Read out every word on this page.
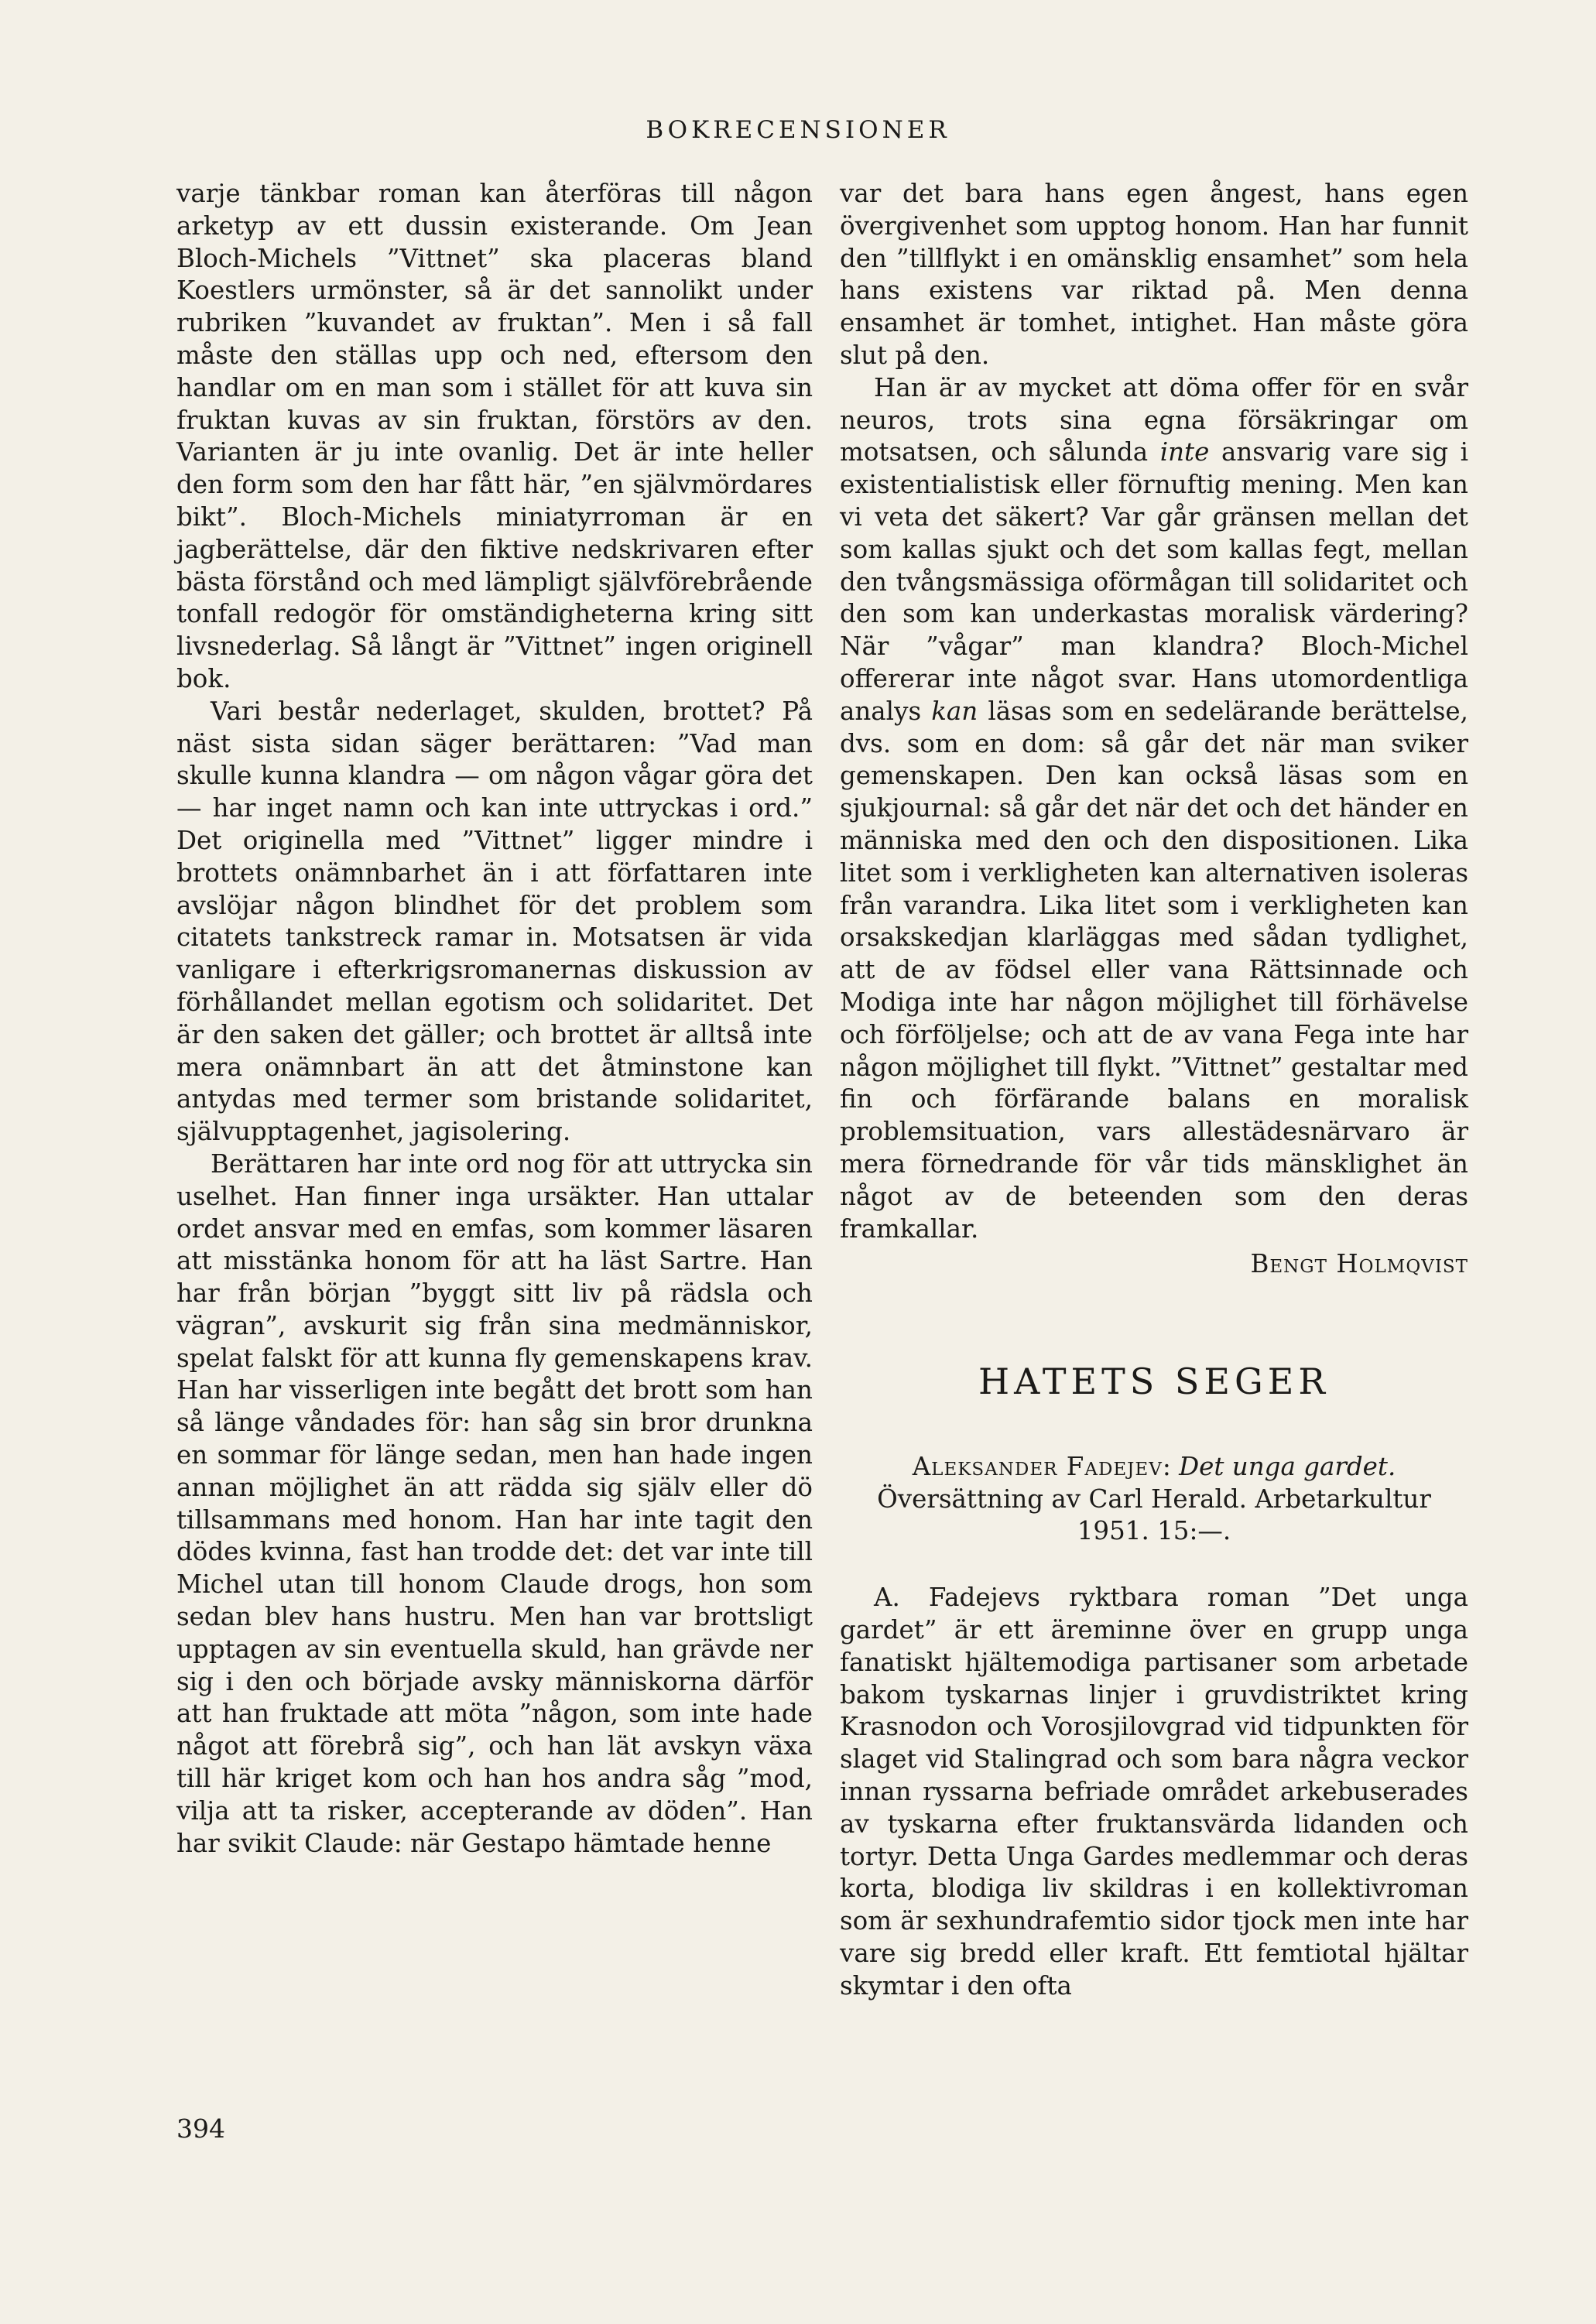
BOKRECENSIONER

varje tänkbar roman kan återföras till någon arketyp av ett dussin existerande. Om Jean Bloch-Michels ”Vittnet” ska placeras bland Koestlers urmönster, så är det sannolikt under rubriken ”kuvandet av fruktan”. Men i så fall måste den ställas upp och ned, eftersom den handlar om en man som i stället för att kuva sin fruktan kuvas av sin fruktan, förstörs av den. Varianten är ju inte ovanlig. Det är inte heller den form som den har fått här, ”en självmördares bikt”. Bloch-Michels miniatyrroman är en jagberättelse, där den fiktive nedskrivaren efter bästa förstånd och med lämpligt självförebrående tonfall redogör för omständigheterna kring sitt livsnederlag. Så långt är ”Vittnet” ingen originell bok.

Vari består nederlaget, skulden, brottet? På näst sista sidan säger berättaren: ”Vad man skulle kunna klandra — om någon vågar göra det — har inget namn och kan inte uttryckas i ord.” Det originella med ”Vittnet” ligger mindre i brottets onämnbarhet än i att författaren inte avslöjar någon blindhet för det problem som citatets tankstreck ramar in. Motsatsen är vida vanligare i efterkrigsromanernas diskussion av förhållandet mellan egotism och solidaritet. Det är den saken det gäller; och brottet är alltså inte mera onämnbart än att det åtminstone kan antydas med termer som bristande solidaritet, självupptagenhet, jagisolering.

Berättaren har inte ord nog för att uttrycka sin uselhet. Han finner inga ursäkter. Han uttalar ordet ansvar med en emfas, som kommer läsaren att misstänka honom för att ha läst Sartre. Han har från början ”byggt sitt liv på rädsla och vägran”, avskurit sig från sina medmänniskor, spelat falskt för att kunna fly gemenskapens krav. Han har visserligen inte begått det brott som han så länge våndades för: han såg sin bror drunkna en sommar för länge sedan, men han hade ingen annan möjlighet än att rädda sig själv eller dö tillsammans med honom. Han har inte tagit den dödes kvinna, fast han trodde det: det var inte till Michel utan till honom Claude drogs, hon som sedan blev hans hustru. Men han var brottsligt upptagen av sin eventuella skuld, han grävde ner sig i den och började avsky människorna därför att han fruktade att möta ”någon, som inte hade något att förebrå sig”, och han lät avskyn växa till här kriget kom och han hos andra såg ”mod, vilja att ta risker, accepterande av döden”. Han har svikit Claude: när Gestapo hämtade henne

var det bara hans egen ångest, hans egen övergivenhet som upptog honom. Han har funnit den ”tillflykt i en omänsklig ensamhet” som hela hans existens var riktad på. Men denna ensamhet är tomhet, intighet. Han måste göra slut på den.

Han är av mycket att döma offer för en svår neuros, trots sina egna försäkringar om motsatsen, och sålunda inte ansvarig vare sig i existentialistisk eller förnuftig mening. Men kan vi veta det säkert? Var går gränsen mellan det som kallas sjukt och det som kallas fegt, mellan den tvångsmässiga oförmågan till solidaritet och den som kan underkastas moralisk värdering? När ”vågar” man klandra? Bloch-Michel offererar inte något svar. Hans utomordentliga analys kan läsas som en sedelärande berättelse, dvs. som en dom: så går det när man sviker gemenskapen. Den kan också läsas som en sjukjournal: så går det när det och det händer en människa med den och den dispositionen. Lika litet som i verkligheten kan alternativen isoleras från varandra. Lika litet som i verkligheten kan orsakskedjan klarläggas med sådan tydlighet, att de av födsel eller vana Rättsinnade och Modiga inte har någon möjlighet till förhävelse och förföljelse; och att de av vana Fega inte har någon möjlighet till flykt. ”Vittnet” gestaltar med fin och förfärande balans en moralisk problemsituation, vars allestädesnärvaro är mera förnedrande för vår tids mänsklighet än något av de beteenden som den deras framkallar.

Bengt Holmqvist

HATETS SEGER

Aleksander Fadejev: Det unga gardet. Översättning av Carl Herald. Arbetarkultur 1951. 15:—.

A. Fadejevs ryktbara roman ”Det unga gardet” är ett äreminne över en grupp unga fanatiskt hjältemodiga partisaner som arbetade bakom tyskarnas linjer i gruvdistriktet kring Krasnodon och Vorosjilovgrad vid tidpunkten för slaget vid Stalingrad och som bara några veckor innan ryssarna befriade området arkebuserades av tyskarna efter fruktansvärda lidanden och tortyr. Detta Unga Gardes medlemmar och deras korta, blodiga liv skildras i en kollektivroman som är sexhundrafemtio sidor tjock men inte har vare sig bredd eller kraft. Ett femtiotal hjältar skymtar i den ofta

394
